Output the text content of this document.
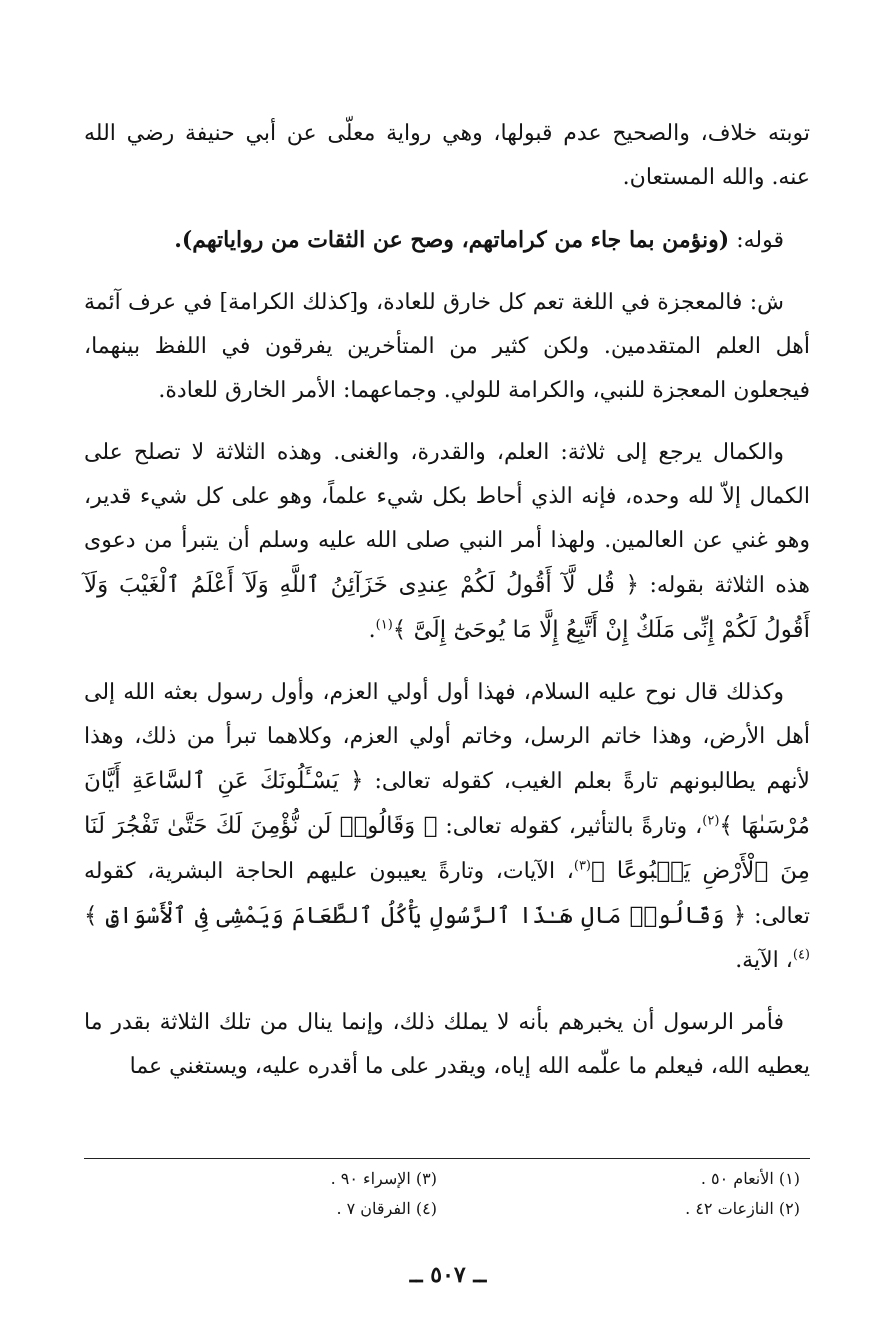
توبته خلاف، والصحيح عدم قبولها، وهي رواية معلّى عن أبي حنيفة رضي الله عنه. والله المستعان.

قوله: (ونؤمن بما جاء من كراماتهم، وصح عن الثقات من رواياتهم).

ش: فالمعجزة في اللغة تعم كل خارق للعادة، و[كذلك الكرامة] في عرف آئمة أهل العلم المتقدمين. ولكن كثير من المتأخرين يفرقون في اللفظ بينهما، فيجعلون المعجزة للنبي، والكرامة للولي. وجماعهما: الأمر الخارق للعادة.

والكمال يرجع إلى ثلاثة: العلم، والقدرة، والغنى. وهذه الثلاثة لا تصلح على الكمال إلاّ لله وحده، فإنه الذي أحاط بكل شيء علماً، وهو على كل شيء قدير، وهو غني عن العالمين. ولهذا أمر النبي صلى الله عليه وسلم أن يتبرأ من دعوى هذه الثلاثة بقوله: ﴿ قُل لَّآ أَقُولُ لَكُمْ عِندِى خَزَآئِنُ ٱللَّهِ وَلَآ أَعْلَمُ ٱلْغَيْبَ وَلَآ أَقُولُ لَكُمْ إِنِّى مَلَكٌ إِنْ أَتَّبِعُ إِلَّا مَا يُوحَىٰٓ إِلَىَّ ﴾$^{(١)}$.

وكذلك قال نوح عليه السلام، فهذا أول أولي العزم، وأول رسول بعثه الله إلى أهل الأرض، وهذا خاتم الرسل، وخاتم أولي العزم، وكلاهما تبرأ من ذلك، وهذا لأنهم يطالبونهم تارةً بعلم الغيب، كقوله تعالى: ﴿ يَسْـَٔلُونَكَ عَنِ ٱلسَّاعَةِ أَيَّانَ مُرْسَىٰهَا ﴾$^{(٢)}$، وتارةً بالتأثير، كقوله تعالى: ﴿ وَقَالُوا۟ لَن نُّؤْمِنَ لَكَ حَتَّىٰ تَفْجُرَ لَنَا مِنَ ٱلْأَرْضِ يَنۢبُوعًا ﴾$^{(٣)}$، الآيات، وتارةً يعيبون عليهم الحاجة البشرية، كقوله تعالى: ﴿ وَقَالُوا۟ مَالِ هَـٰذَا ٱلرَّسُولِ يَأْكُلُ ٱلطَّعَامَ وَيَمْشِى فِى ٱلْأَسْوَاقِ ﴾$^{(٤)}$، الآية.

فأمر الرسول أن يخبرهم بأنه لا يملك ذلك، وإنما ينال من تلك الثلاثة بقدر ما يعطيه الله، فيعلم ما علّمه الله إياه، ويقدر على ما أقدره عليه، ويستغني عما

(١) الأنعام ٥٠ .
(٣) الإسراء ٩٠ .
(٢) النازعات ٤٢ .
(٤) الفرقان ٧ .
ــ ٥٠٧ ــ
